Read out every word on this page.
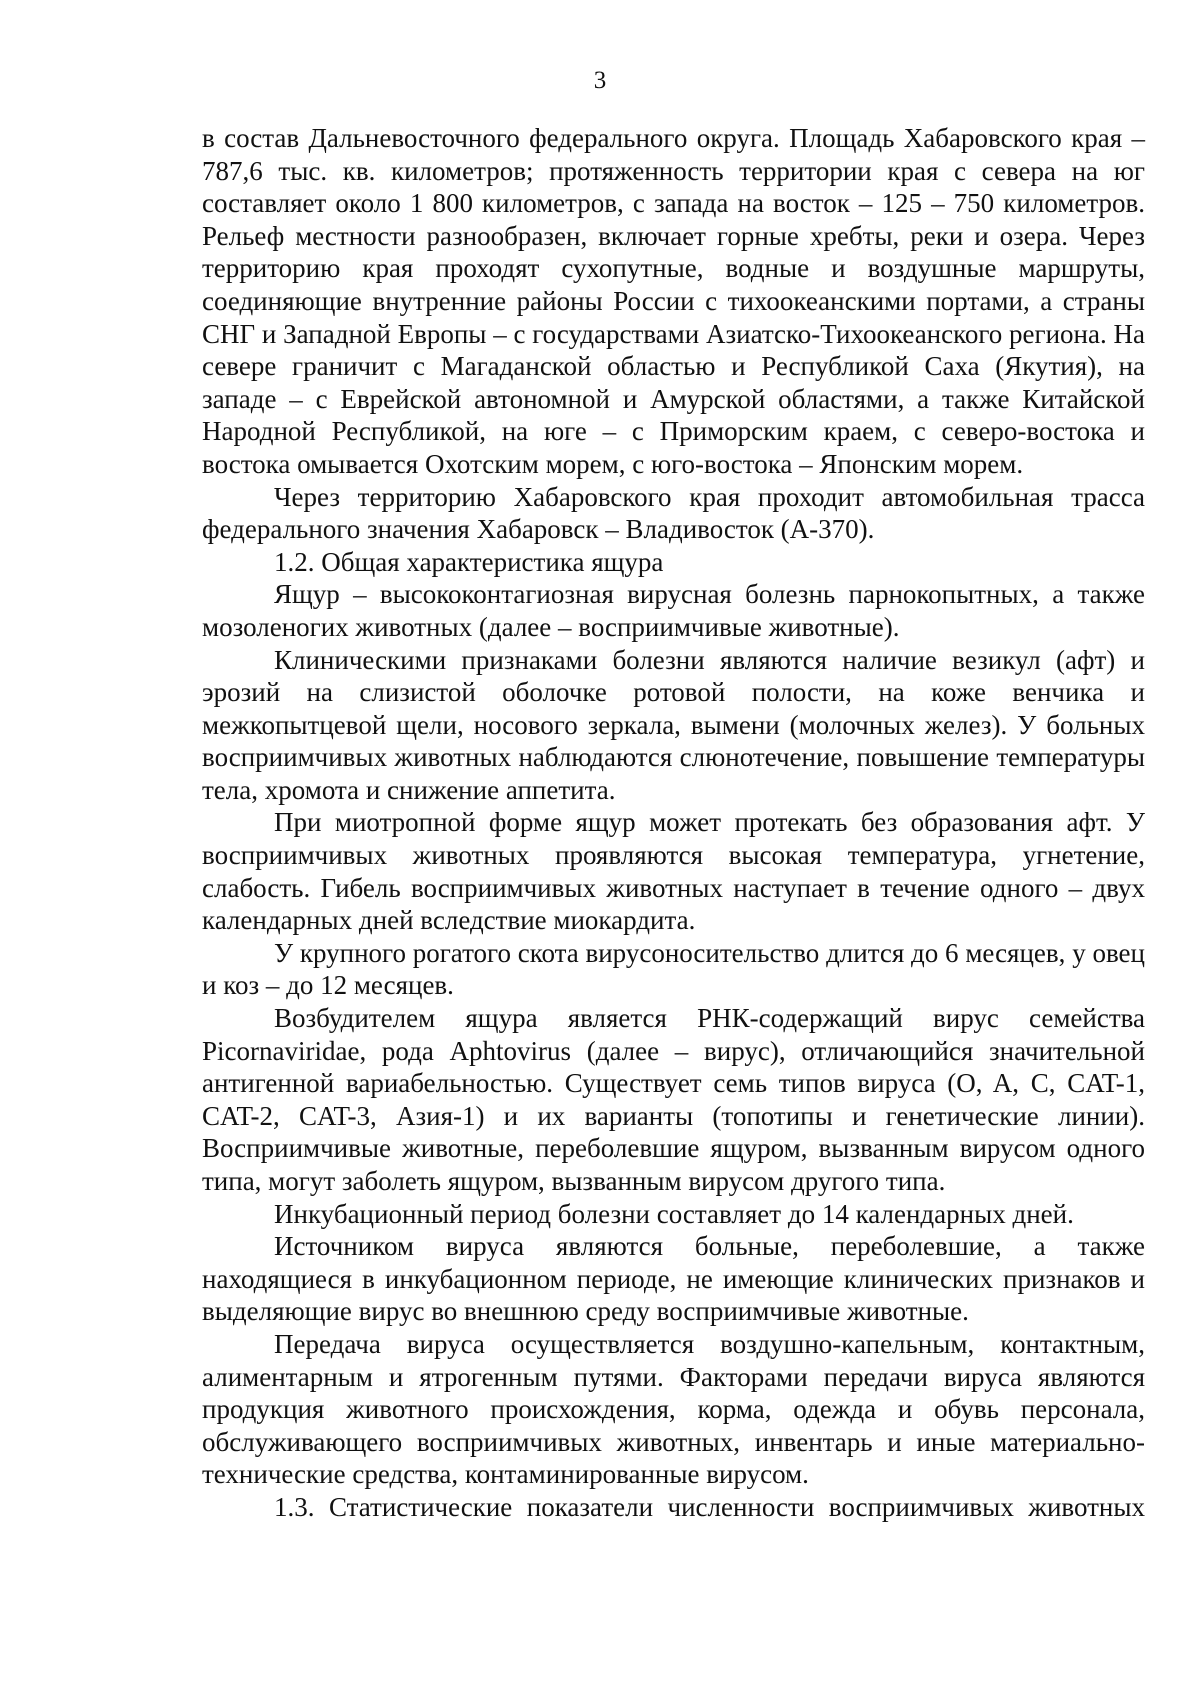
3

в состав Дальневосточного федерального округа. Площадь Хабаровского края – 787,6 тыс. кв. километров; протяженность территории края с севера на юг составляет около 1 800 километров, с запада на восток – 125 – 750 километров. Рельеф местности разнообразен, включает горные хребты, реки и озера. Через территорию края проходят сухопутные, водные и воздушные маршруты, соединяющие внутренние районы России с тихоокеанскими портами, а страны СНГ и Западной Европы – с государствами Азиатско-Тихоокеанского региона. На севере граничит с Магаданской областью и Республикой Саха (Якутия), на западе – с Еврейской автономной и Амурской областями, а также Китайской Народной Республикой, на юге – с Приморским краем, с северо-востока и востока омывается Охотским морем, с юго-востока – Японским морем.

Через территорию Хабаровского края проходит автомобильная трасса федерального значения Хабаровск – Владивосток (А-370).

1.2. Общая характеристика ящура

Ящур – высококонтагиозная вирусная болезнь парнокопытных, а также мозоленогих животных (далее – восприимчивые животные).

Клиническими признаками болезни являются наличие везикул (афт) и эрозий на слизистой оболочке ротовой полости, на коже венчика и межкопытцевой щели, носового зеркала, вымени (молочных желез). У больных восприимчивых животных наблюдаются слюнотечение, повышение температуры тела, хромота и снижение аппетита.

При миотропной форме ящур может протекать без образования афт. У восприимчивых животных проявляются высокая температура, угнетение, слабость. Гибель восприимчивых животных наступает в течение одного – двух календарных дней вследствие миокардита.

У крупного рогатого скота вирусоносительство длится до 6 месяцев, у овец и коз – до 12 месяцев.

Возбудителем ящура является РНК-содержащий вирус семейства Picornaviridae, рода Aphtovirus (далее – вирус), отличающийся значительной антигенной вариабельностью. Существует семь типов вируса (O, A, C, CAT-1, CAT-2, CAT-3, Азия-1) и их варианты (топотипы и генетические линии). Восприимчивые животные, переболевшие ящуром, вызванным вирусом одного типа, могут заболеть ящуром, вызванным вирусом другого типа.

Инкубационный период болезни составляет до 14 календарных дней.

Источником вируса являются больные, переболевшие, а также находящиеся в инкубационном периоде, не имеющие клинических признаков и выделяющие вирус во внешнюю среду восприимчивые животные.

Передача вируса осуществляется воздушно-капельным, контактным, алиментарным и ятрогенным путями. Факторами передачи вируса являются продукция животного происхождения, корма, одежда и обувь персонала, обслуживающего восприимчивых животных, инвентарь и иные материально-технические средства, контаминированные вирусом.

1.3. Статистические показатели численности восприимчивых животных
